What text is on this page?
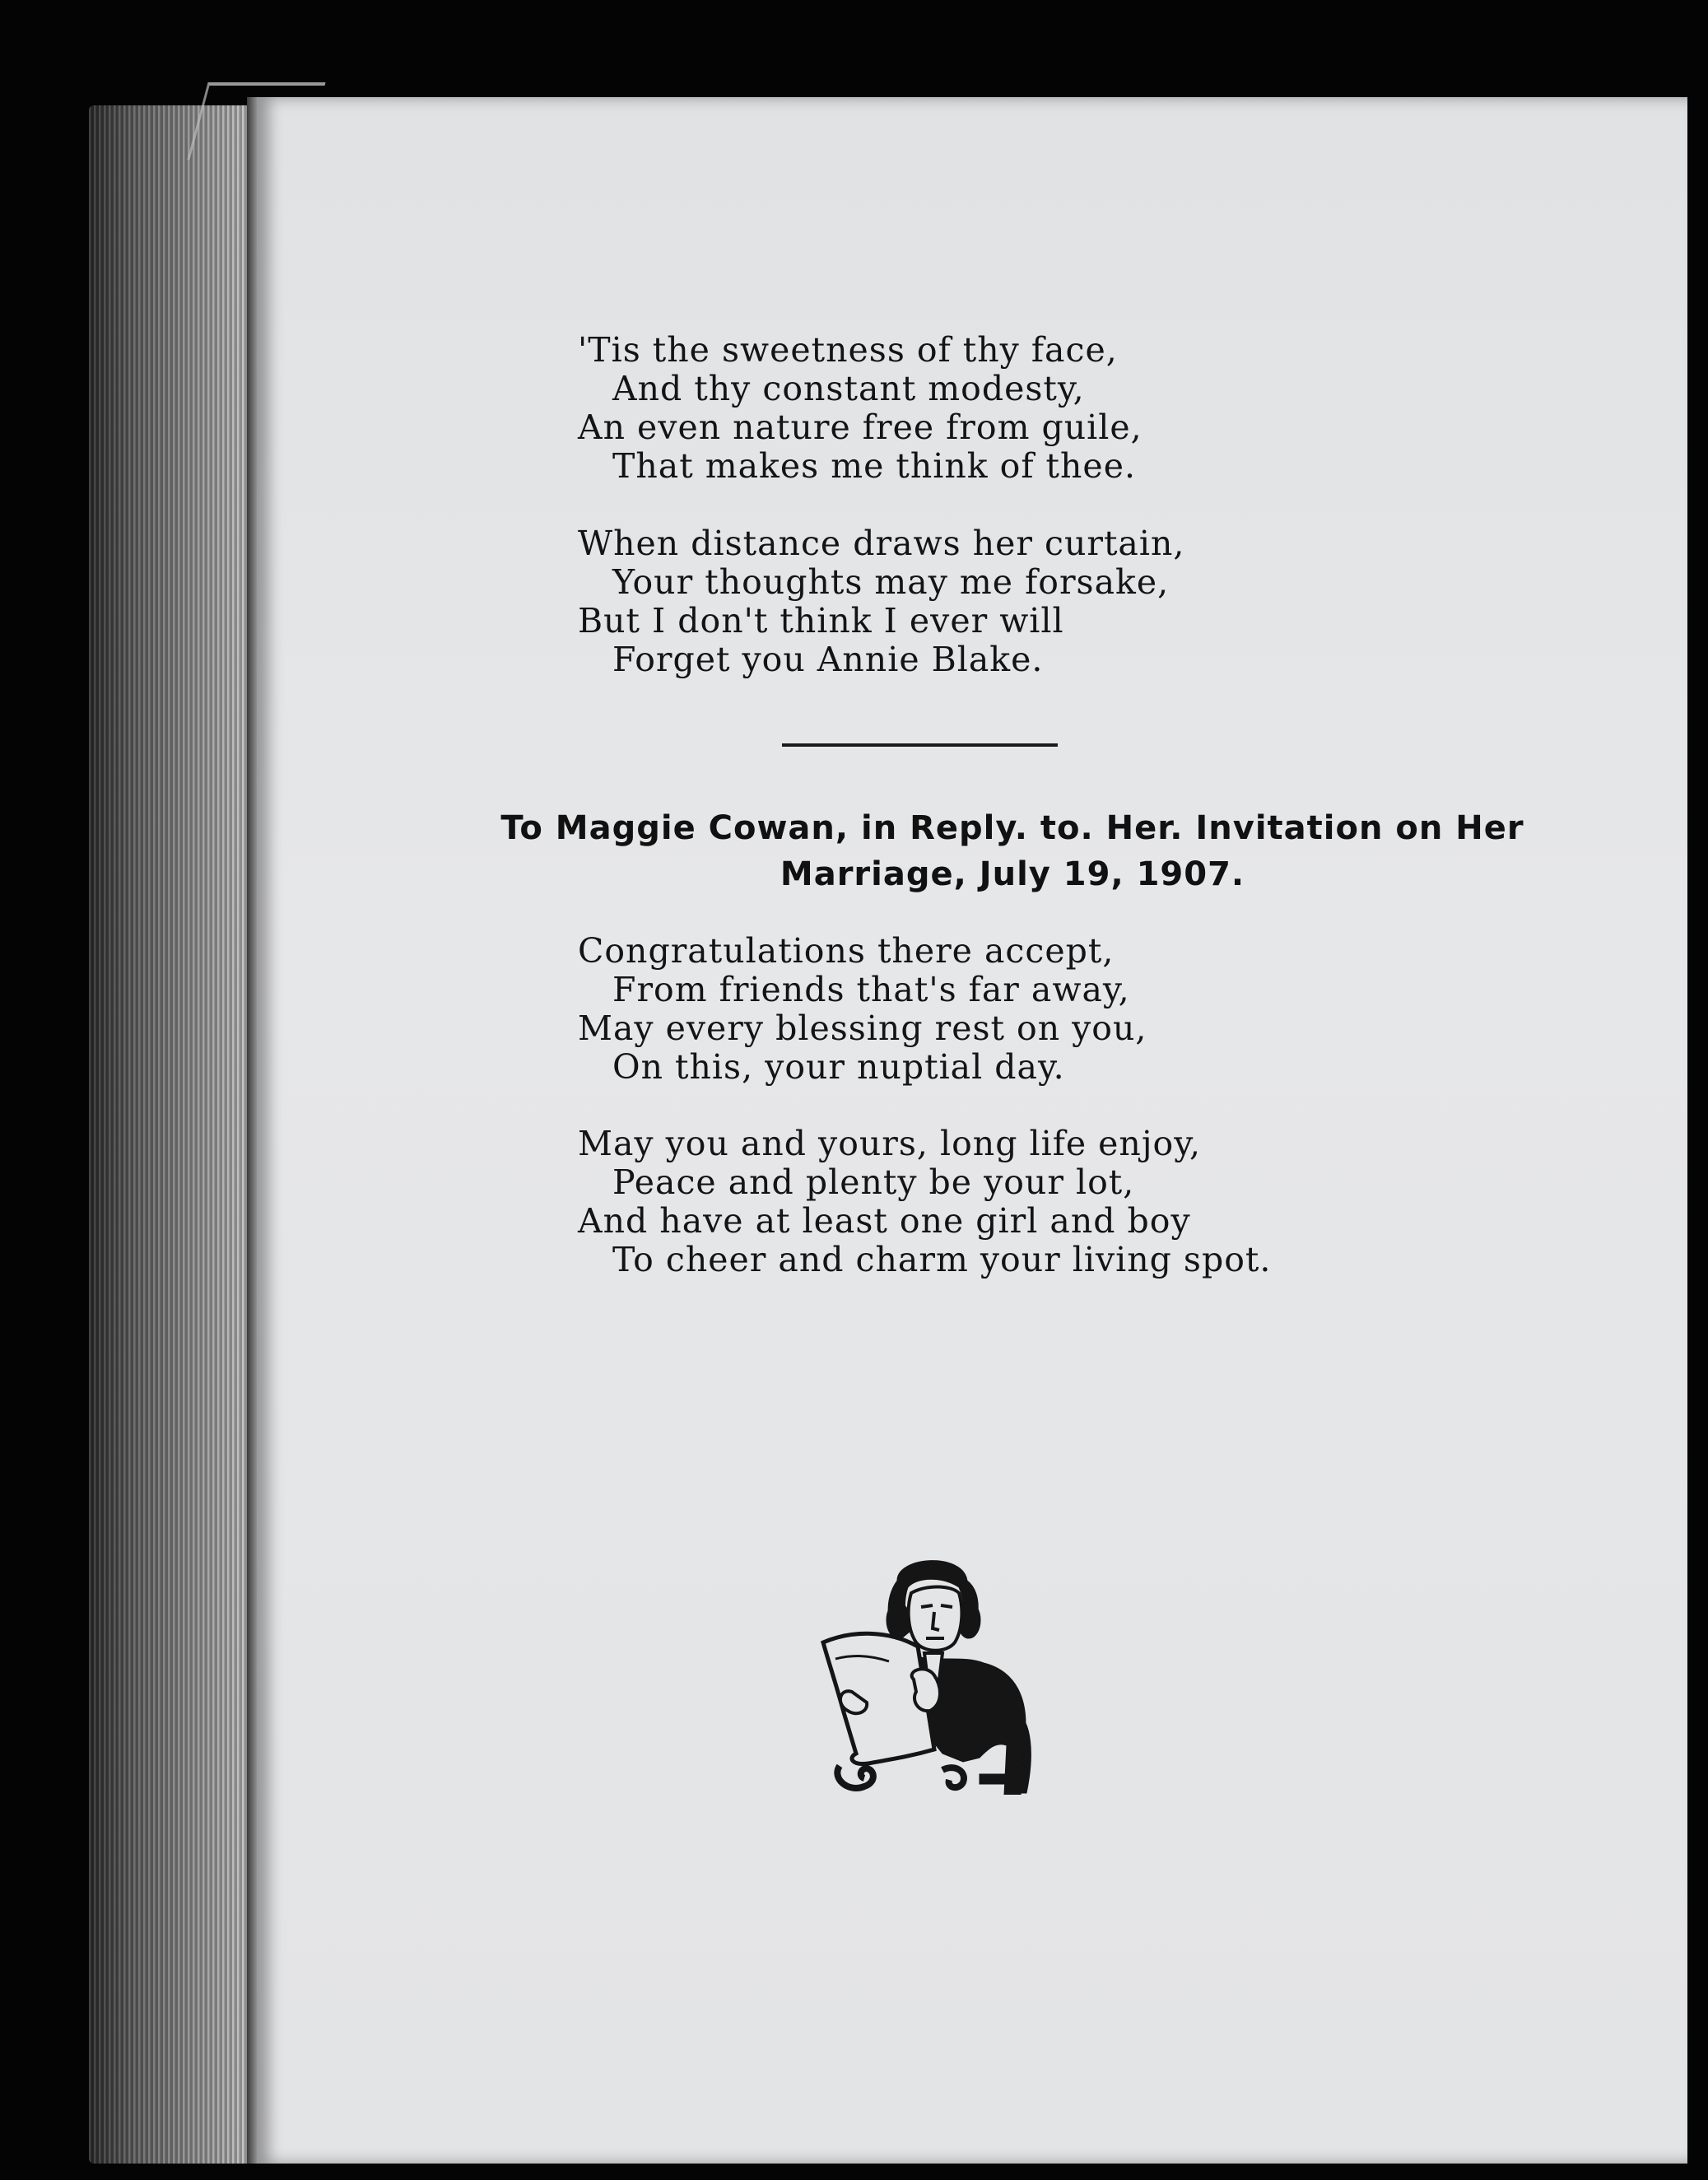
'Tis the sweetness of thy face,
And thy constant modesty,
An even nature free from guile,
That makes me think of thee.
When distance draws her curtain,
Your thoughts may me forsake,
But I don't think I ever will
Forget you Annie Blake.
To Maggie Cowan, in Reply. to. Her. Invitation on Her
Marriage, July 19, 1907.
Congratulations there accept,
From friends that's far away,
May every blessing rest on you,
On this, your nuptial day.
May you and yours, long life enjoy,
Peace and plenty be your lot,
And have at least one girl and boy
To cheer and charm your living spot.
